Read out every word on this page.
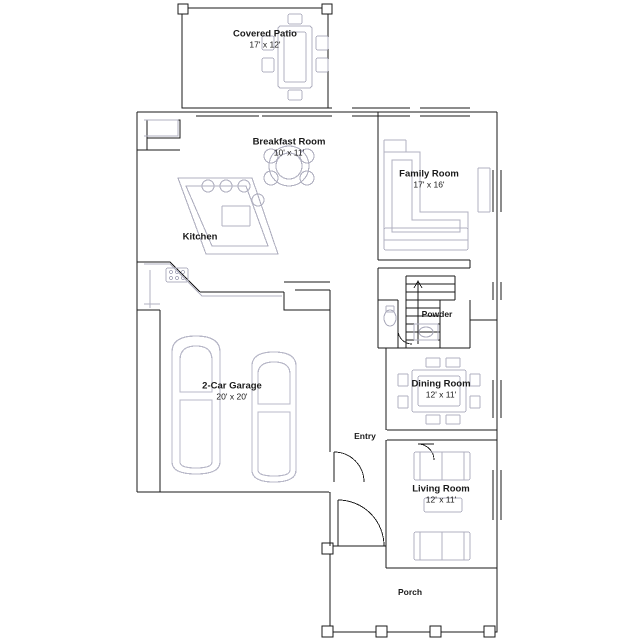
Covered Patio
17' x 12'
Breakfast Room
10' x 11'
Family Room
17' x 16'
Kitchen
Powder
Dining Room
12' x 11'
2-Car Garage
20' x 20'
Entry
Living Room
12' x 11'
Porch
